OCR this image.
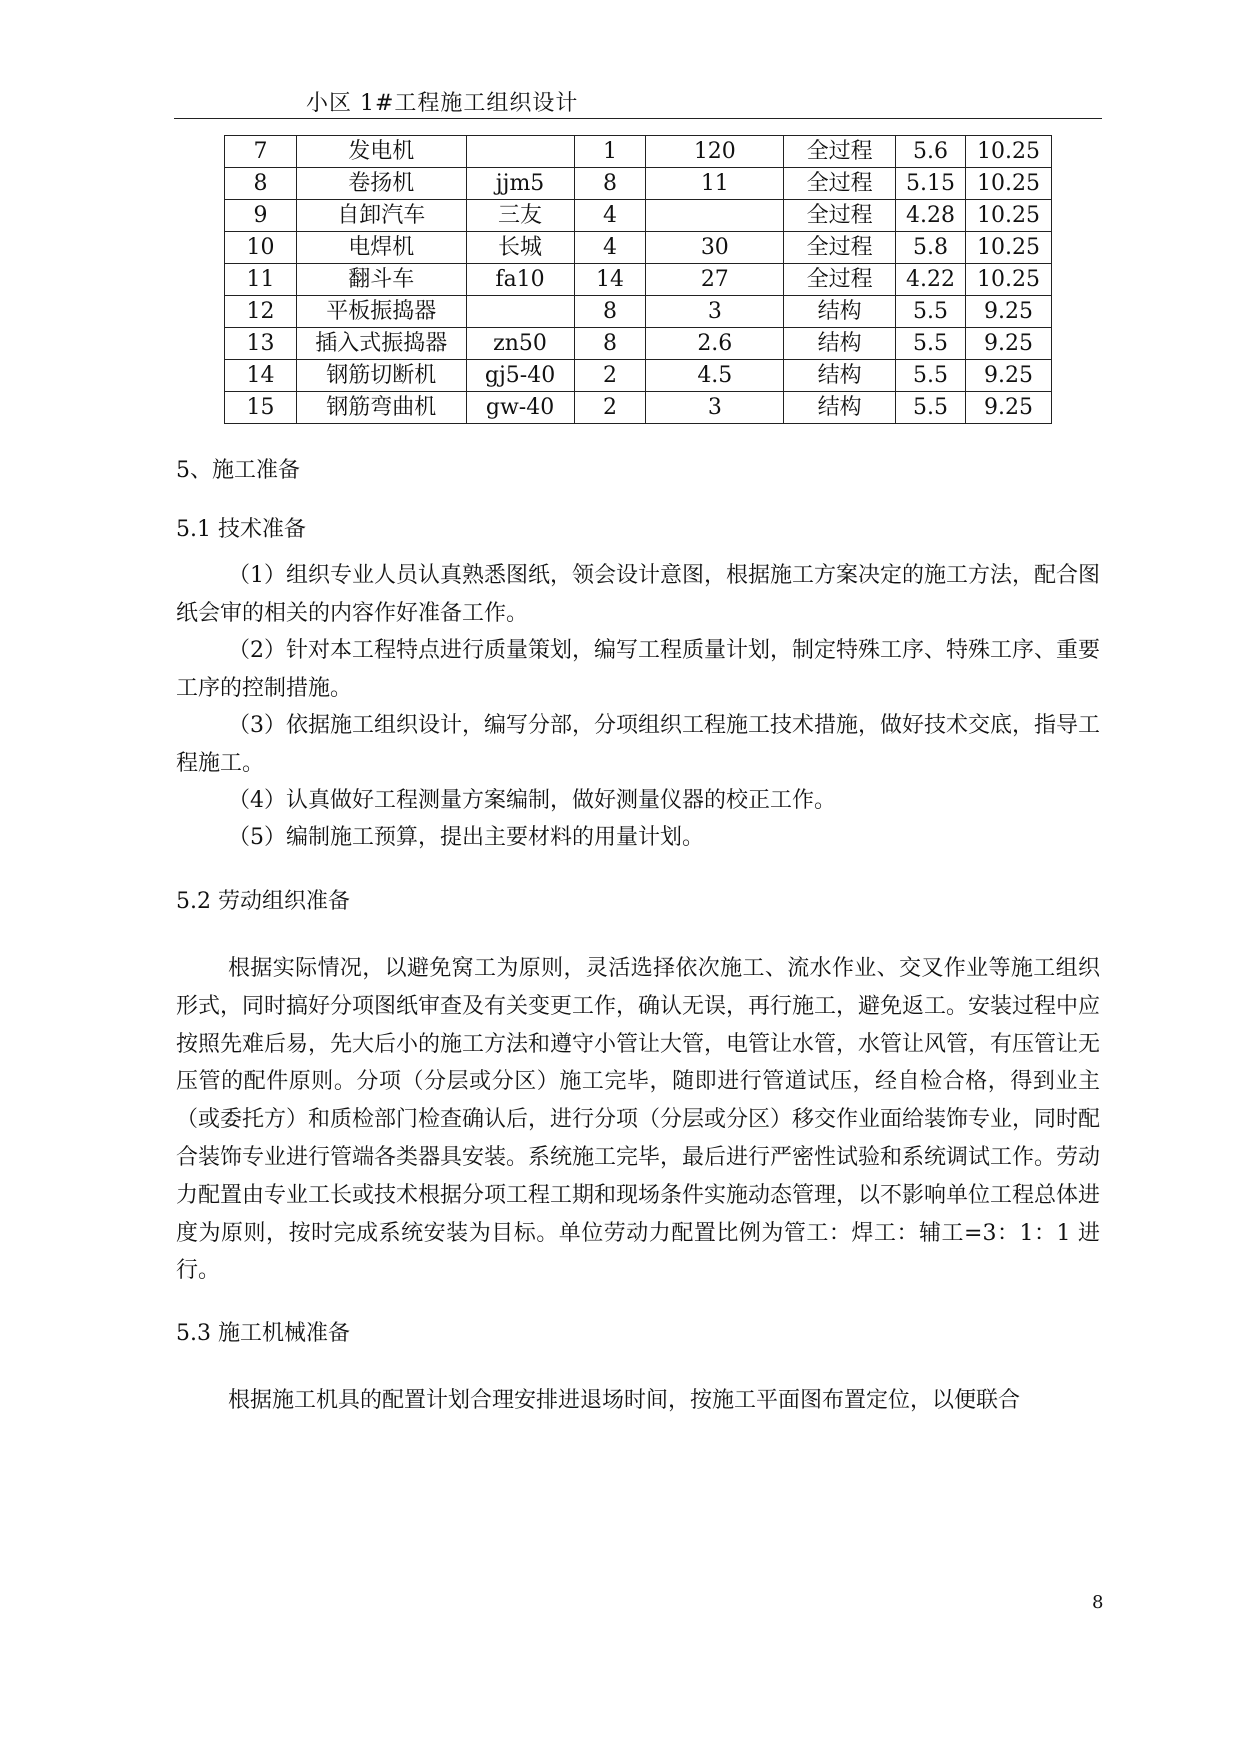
小区 1#工程施工组织设计
7	发电机		1	120	全过程	5.6	10.25
8	卷扬机	jjm5	8	11	全过程	5.15	10.25
9	自卸汽车	三友	4		全过程	4.28	10.25
10	电焊机	长城	4	30	全过程	5.8	10.25
11	翻斗车	fa10	14	27	全过程	4.22	10.25
12	平板振捣器		8	3	结构	5.5	9.25
13	插入式振捣器	zn50	8	2.6	结构	5.5	9.25
14	钢筋切断机	gj5-40	2	4.5	结构	5.5	9.25
15	钢筋弯曲机	gw-40	2	3	结构	5.5	9.25
5、施工准备
5.1 技术准备

（1）组织专业人员认真熟悉图纸，领会设计意图，根据施工方案决定的施工方法，配合图纸会审的相关的内容作好准备工作。

（2）针对本工程特点进行质量策划，编写工程质量计划，制定特殊工序、特殊工序、重要工序的控制措施。

（3）依据施工组织设计，编写分部，分项组织工程施工技术措施，做好技术交底，指导工程施工。

（4）认真做好工程测量方案编制，做好测量仪器的校正工作。

（5）编制施工预算，提出主要材料的用量计划。

5.2 劳动组织准备

根据实际情况，以避免窝工为原则，灵活选择依次施工、流水作业、交叉作业等施工组织形式，同时搞好分项图纸审查及有关变更工作，确认无误，再行施工，避免返工。安装过程中应按照先难后易，先大后小的施工方法和遵守小管让大管，电管让水管，水管让风管，有压管让无压管的配件原则。分项（分层或分区）施工完毕，随即进行管道试压，经自检合格，得到业主（或委托方）和质检部门检查确认后，进行分项（分层或分区）移交作业面给装饰专业，同时配合装饰专业进行管端各类器具安装。系统施工完毕，最后进行严密性试验和系统调试工作。劳动力配置由专业工长或技术根据分项工程工期和现场条件实施动态管理，以不影响单位工程总体进度为原则，按时完成系统安装为目标。单位劳动力配置比例为管工：焊工：辅工=3：1：1 进行。

5.3 施工机械准备

根据施工机具的配置计划合理安排进退场时间，按施工平面图布置定位，以便联合

8
